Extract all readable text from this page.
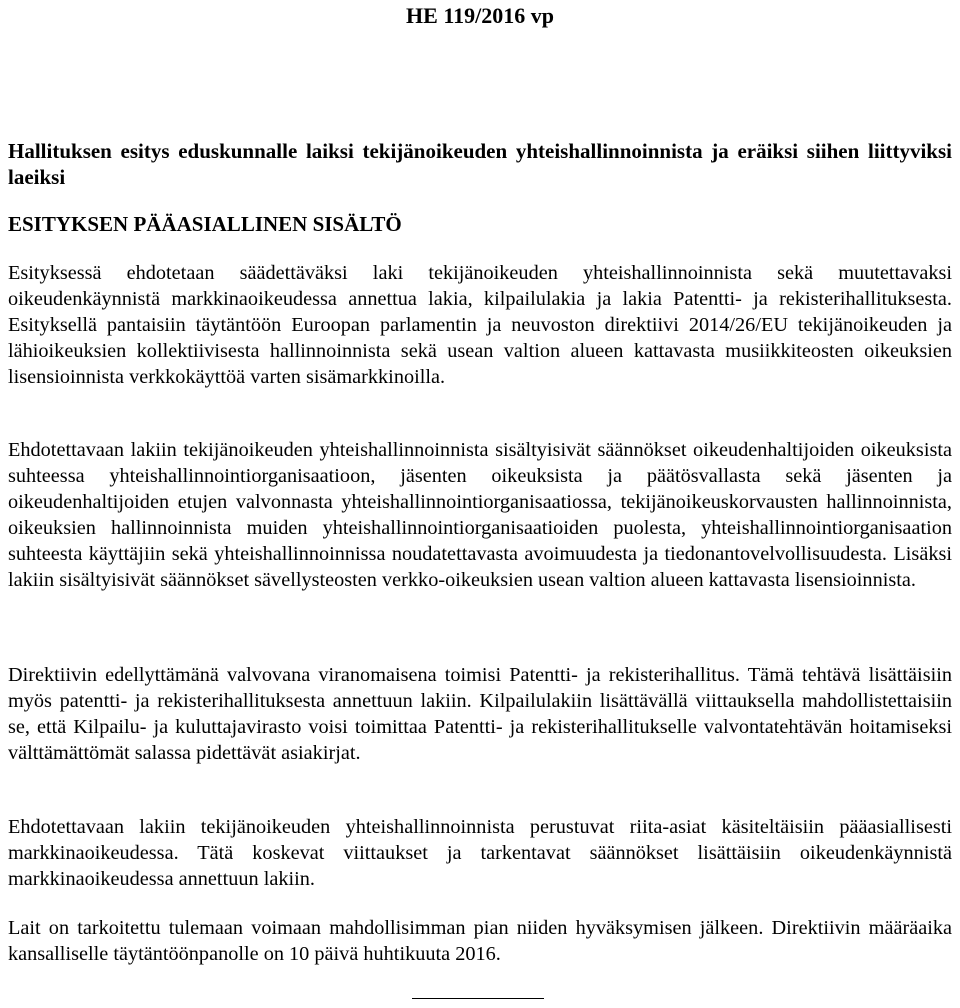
HE 119/2016 vp
Hallituksen esitys eduskunnalle laiksi tekijänoikeuden yhteishallinnoinnista ja eräiksi siihen liittyviksi laeiksi
ESITYKSEN PÄÄASIALLINEN SISÄLTÖ

Esityksessä ehdotetaan säädettäväksi laki tekijänoikeuden yhteishallinnoinnista sekä muutettavaksi oikeudenkäynnistä markkinaoikeudessa annettua lakia, kilpailulakia ja lakia Patentti- ja rekisterihallituksesta. Esityksellä pantaisiin täytäntöön Euroopan parlamentin ja neuvoston direktiivi 2014/26/EU tekijänoikeuden ja lähioikeuksien kollektiivisesta hallinnoinnista sekä usean valtion alueen kattavasta musiikkiteosten oikeuksien lisensioinnista verkkokäyttöä varten sisämarkkinoilla.

Ehdotettavaan lakiin tekijänoikeuden yhteishallinnoinnista sisältyisivät säännökset oikeudenhaltijoiden oikeuksista suhteessa yhteishallinnointiorganisaatioon, jäsenten oikeuksista ja päätösvallasta sekä jäsenten ja oikeudenhaltijoiden etujen valvonnasta yhteishallinnointiorganisaatiossa, tekijänoikeuskorvausten hallinnoinnista, oikeuksien hallinnoinnista muiden yhteishallinnointiorganisaatioiden puolesta, yhteishallinnointiorganisaation suhteesta käyttäjiin sekä yhteishallinnoinnissa noudatettavasta avoimuudesta ja tiedonantovelvollisuudesta. Lisäksi lakiin sisältyisivät säännökset sävellysteosten verkko-oikeuksien usean valtion alueen kattavasta lisensioinnista.

Direktiivin edellyttämänä valvovana viranomaisena toimisi Patentti- ja rekisterihallitus. Tämä tehtävä lisättäisiin myös patentti- ja rekisterihallituksesta annettuun lakiin. Kilpailulakiin lisättävällä viittauksella mahdollistettaisiin se, että Kilpailu- ja kuluttajavirasto voisi toimittaa Patentti- ja rekisterihallitukselle valvontatehtävän hoitamiseksi välttämättömät salassa pidettävät asiakirjat.

Ehdotettavaan lakiin tekijänoikeuden yhteishallinnoinnista perustuvat riita-asiat käsiteltäisiin pääasiallisesti markkinaoikeudessa. Tätä koskevat viittaukset ja tarkentavat säännökset lisättäisiin oikeudenkäynnistä markkinaoikeudessa annettuun lakiin.

Lait on tarkoitettu tulemaan voimaan mahdollisimman pian niiden hyväksymisen jälkeen. Direktiivin määräaika kansalliselle täytäntöönpanolle on 10 päivä huhtikuuta 2016.
